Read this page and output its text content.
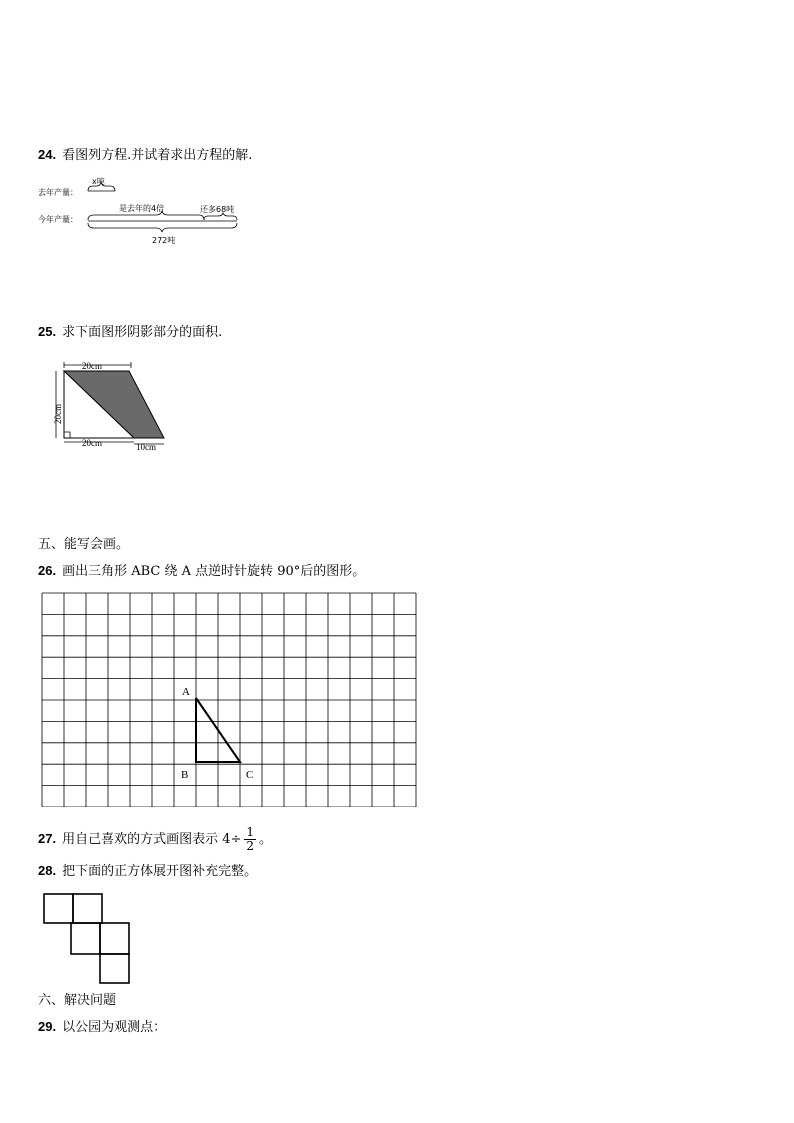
24. 看图列方程.并试着求出方程的解.
去年产量：
x吨
今年产量：
是去年的4倍	还多68吨
272吨
25. 求下面图形阴影部分的面积.
20cm
20cm
20cm	10cm
五、能写会画。
26. 画出三角形 ABC 绕 A 点逆时针旋转 90°后的图形。
A
B	C
27. 用自己喜欢的方式画图表示 $4\div \frac{1}{2}$ 。
28. 把下面的正方体展开图补充完整。
六、解决问题
29. 以公园为观测点：
